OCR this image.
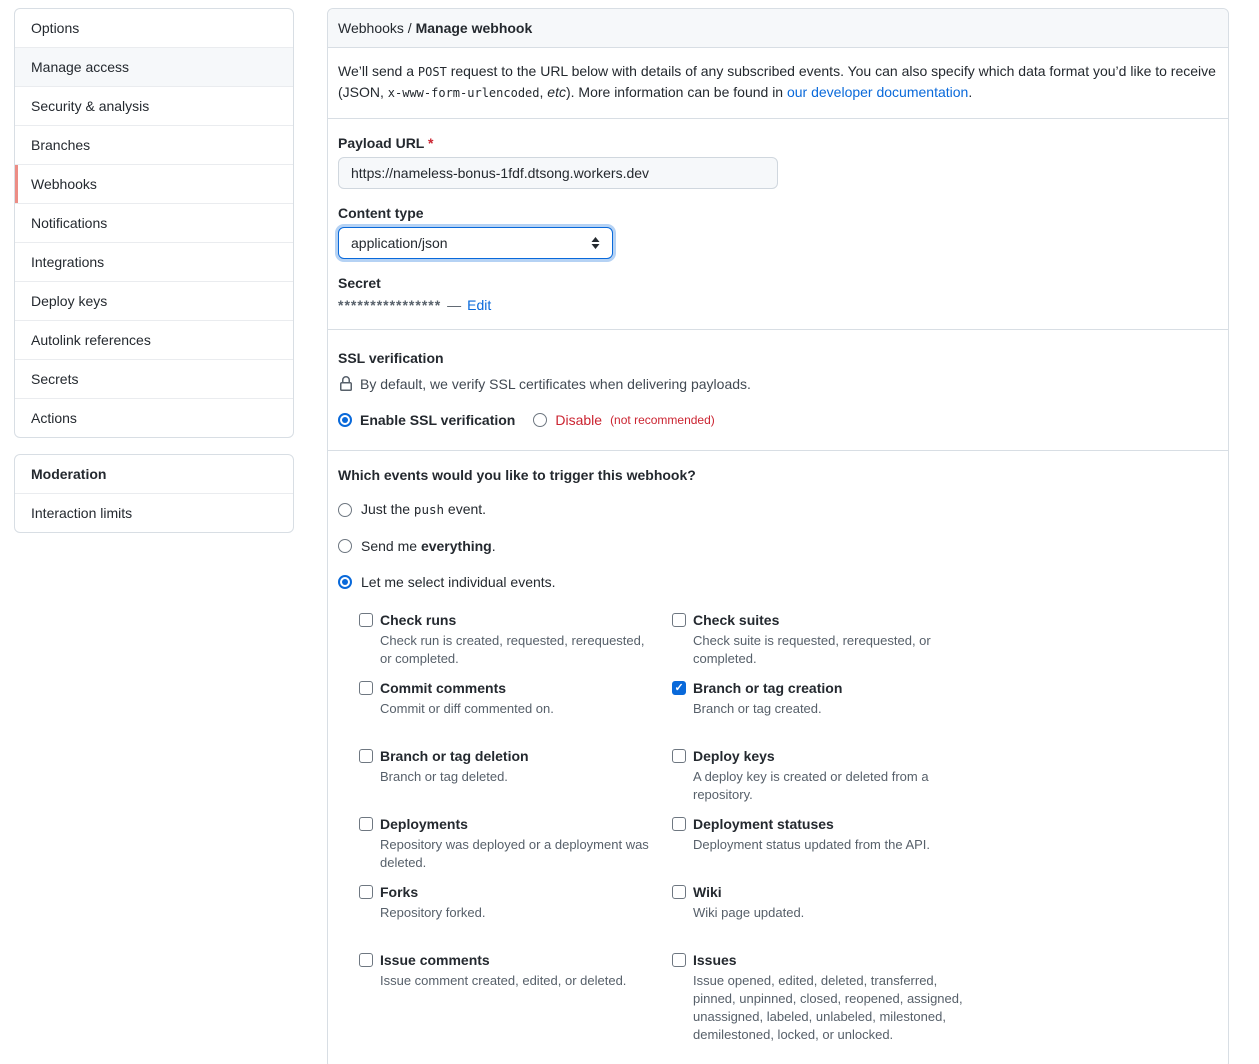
Options
Manage access
Security & analysis
Branches
Webhooks
Notifications
Integrations
Deploy keys
Autolink references
Secrets
Actions
Moderation
Interaction limits
Webhooks / Manage webhook
We’ll send a POST request to the URL below with details of any subscribed events. You can also specify which data format you’d like to receive (JSON, x-www-form-urlencoded, etc). More information can be found in our developer documentation.
Payload URL *
https://nameless-bonus-1fdf.dtsong.workers.dev
Content type
application/json
Secret
**************** — Edit
SSL verification
By default, we verify SSL certificates when delivering payloads.
Enable SSL verification	Disable (not recommended)
Which events would you like to trigger this webhook?
Just the push event.
Send me everything.
Let me select individual events.
Check runs

Check run is created, requested, rerequested, or completed.

Check suites

Check suite is requested, rerequested, or completed.

Commit comments

Commit or diff commented on.

✓
Branch or tag creation

Branch or tag created.

Branch or tag deletion

Branch or tag deleted.

Deploy keys

A deploy key is created or deleted from a repository.

Deployments

Repository was deployed or a deployment was deleted.

Deployment statuses

Deployment status updated from the API.

Forks

Repository forked.

Wiki

Wiki page updated.

Issue comments

Issue comment created, edited, or deleted.

Issues

Issue opened, edited, deleted, transferred, pinned, unpinned, closed, reopened, assigned, unassigned, labeled, unlabeled, milestoned, demilestoned, locked, or unlocked.
